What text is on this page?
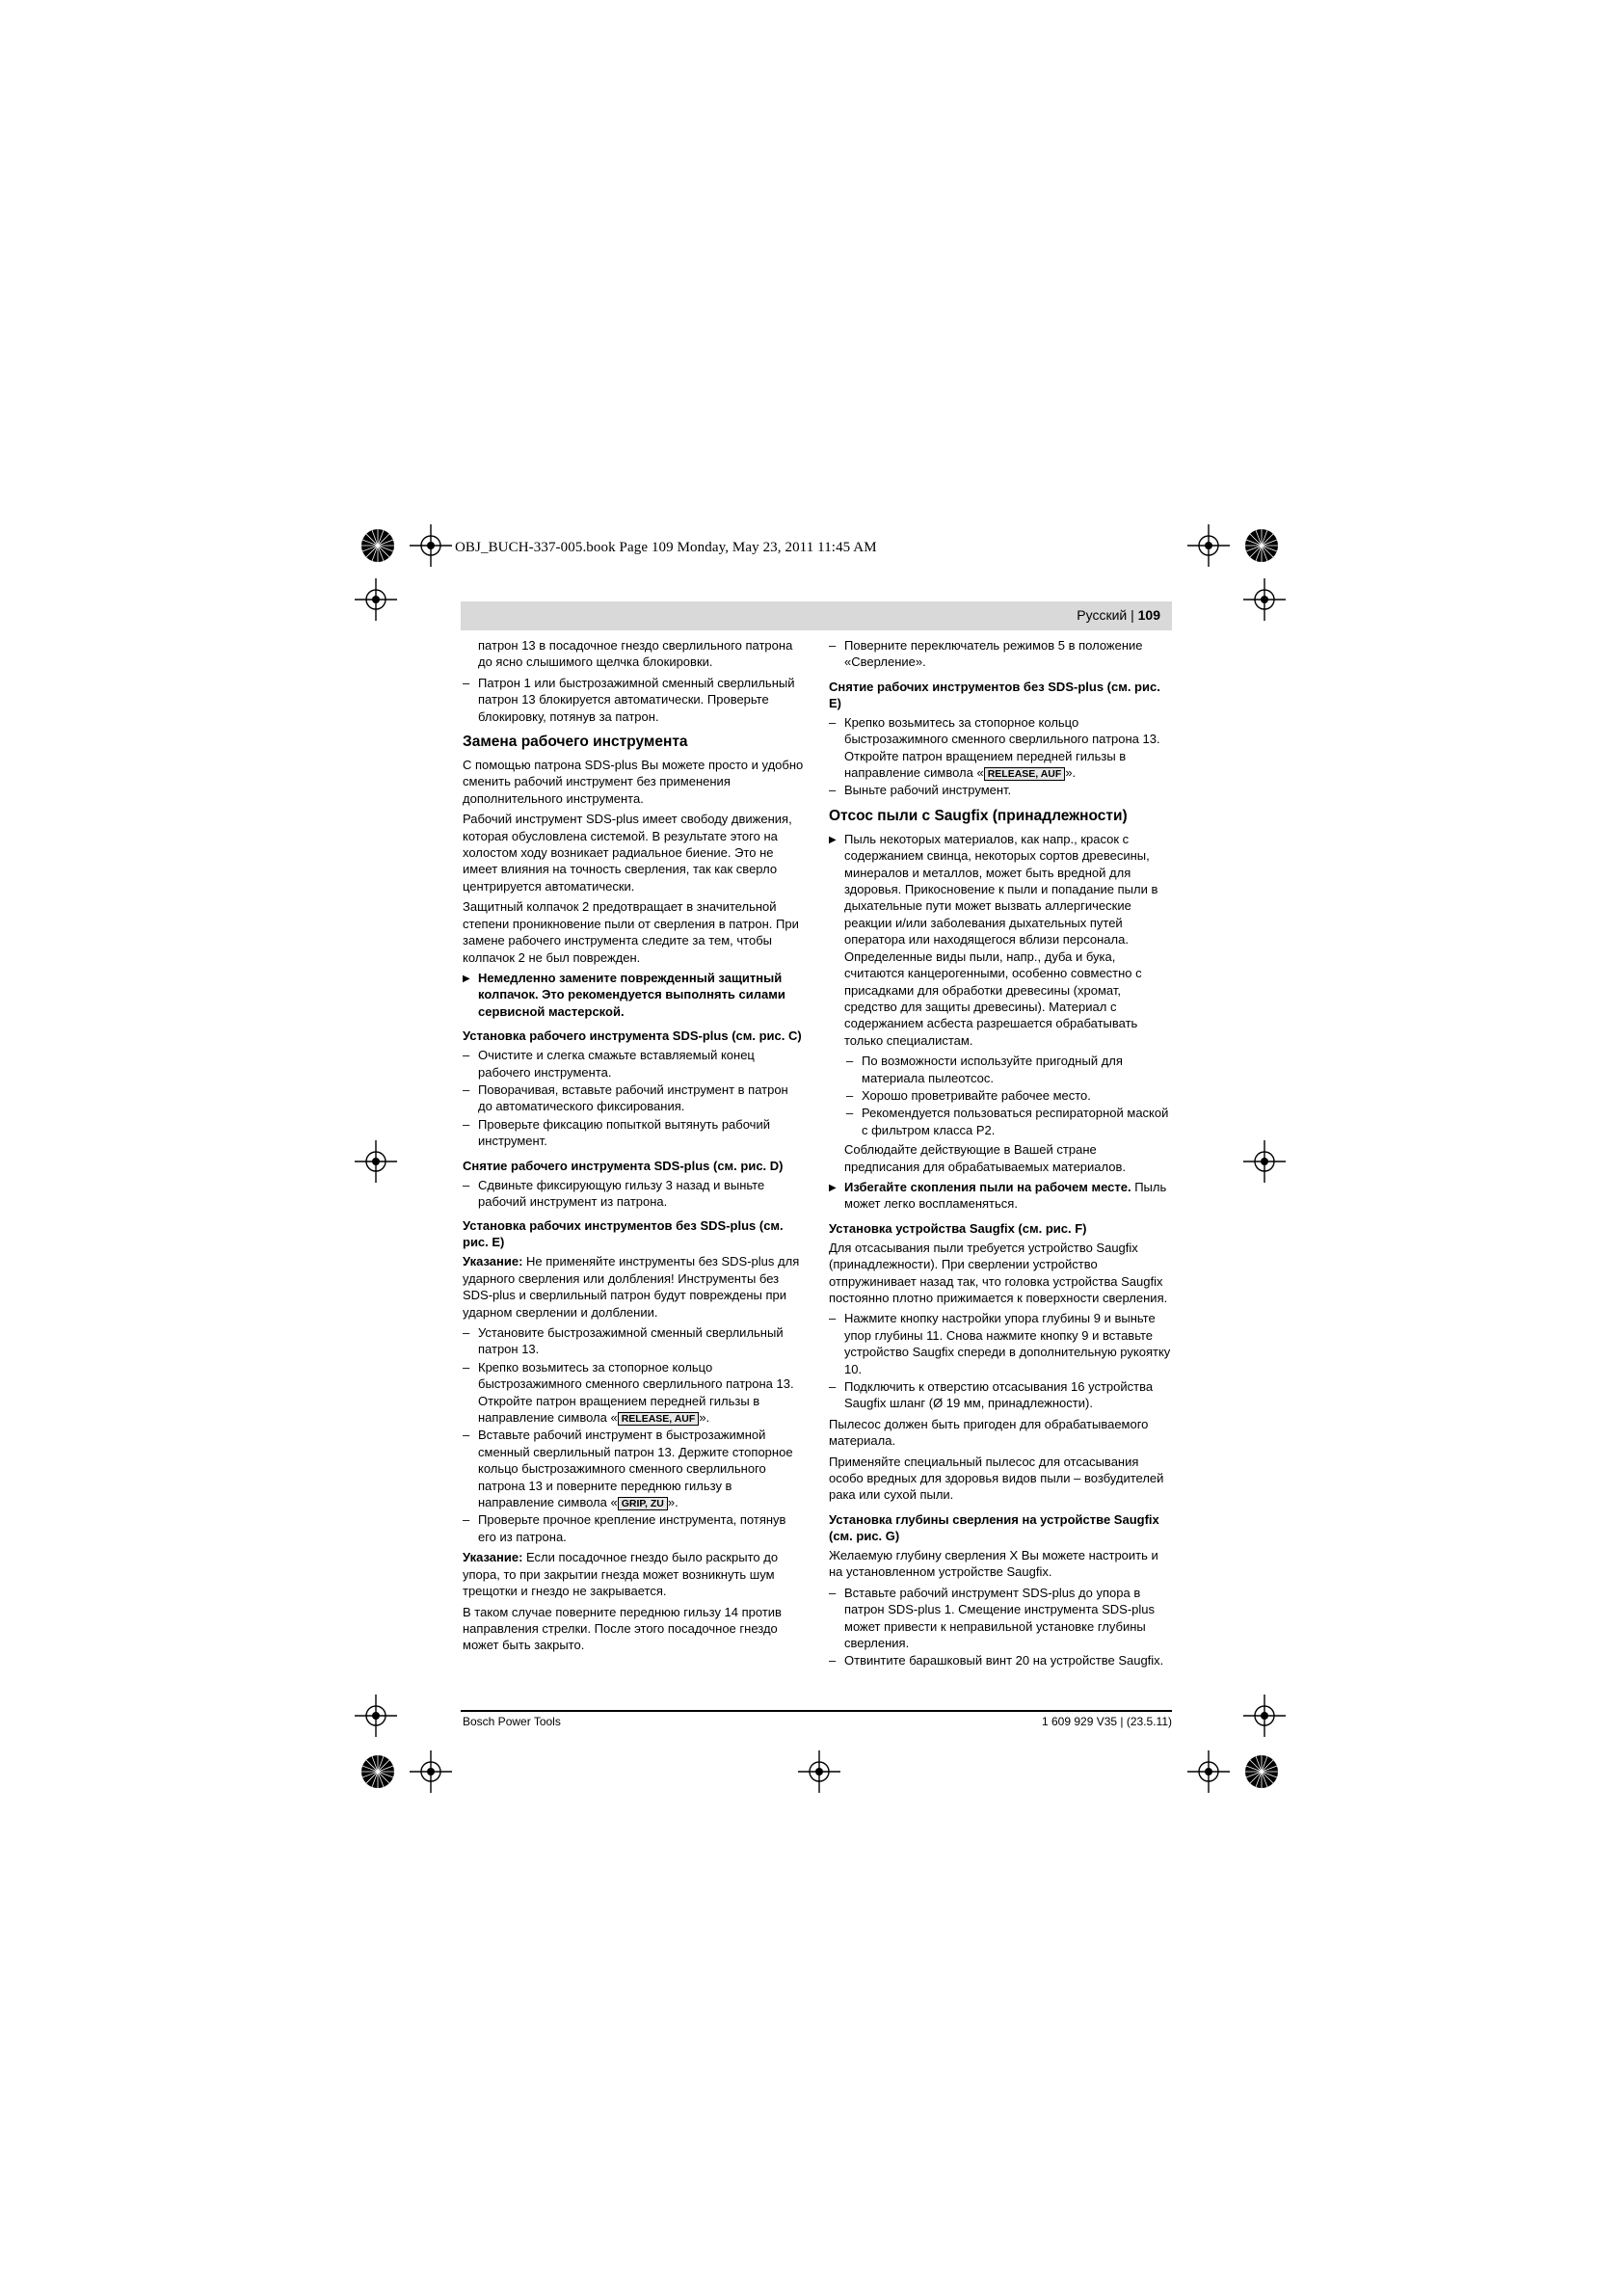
OBJ_BUCH-337-005.book Page 109 Monday, May 23, 2011 11:45 AM
Русский | 109

патрон 13 в посадочное гнездо сверлильного патрона до ясно слышимого щелчка блокировки.

– Патрон 1 или быстрозажимной сменный сверлильный патрон 13 блокируется автоматически. Проверьте блокировку, потянув за патрон.
Замена рабочего инструмента

С помощью патрона SDS-plus Вы можете просто и удобно сменить рабочий инструмент без применения дополнительного инструмента.

Рабочий инструмент SDS-plus имеет свободу движения, которая обусловлена системой. В результате этого на холостом ходу возникает радиальное биение. Это не имеет влияния на точность сверления, так как сверло центрируется автоматически.

Защитный колпачок 2 предотвращает в значительной степени проникновение пыли от сверления в патрон. При замене рабочего инструмента следите за тем, чтобы колпачок 2 не был поврежден.

▶ Немедленно замените поврежденный защитный колпачок. Это рекомендуется выполнять силами сервисной мастерской.
Установка рабочего инструмента SDS-plus (см. рис. C)
– Очистите и слегка смажьте вставляемый конец рабочего инструмента.
– Поворачивая, вставьте рабочий инструмент в патрон до автоматического фиксирования.
– Проверьте фиксацию попыткой вытянуть рабочий инструмент.
Снятие рабочего инструмента SDS-plus (см. рис. D)
– Сдвиньте фиксирующую гильзу 3 назад и выньте рабочий инструмент из патрона.
Установка рабочих инструментов без SDS-plus (см. рис. E)

Указание: Не применяйте инструменты без SDS-plus для ударного сверления или долбления! Инструменты без SDS-plus и сверлильный патрон будут повреждены при ударном сверлении и долблении.

– Установите быстрозажимной сменный сверлильный патрон 13.
– Крепко возьмитесь за стопорное кольцо быстрозажимного сменного сверлильного патрона 13. Откройте патрон вращением передней гильзы в направление символа « RELEASE, AUF ».
– Вставьте рабочий инструмент в быстрозажимной сменный сверлильный патрон 13. Держите стопорное кольцо быстрозажимного сменного сверлильного патрона 13 и поверните переднюю гильзу в направление символа « GRIP, ZU ».
– Проверьте прочное крепление инструмента, потянув его из патрона.

Указание: Если посадочное гнездо было раскрыто до упора, то при закрытии гнезда может возникнуть шум трещотки и гнездо не закрывается.

В таком случае поверните переднюю гильзу 14 против направления стрелки. После этого посадочное гнездо может быть закрыто.

– Поверните переключатель режимов 5 в положение «Сверление».
Снятие рабочих инструментов без SDS-plus (см. рис. E)
– Крепко возьмитесь за стопорное кольцо быстрозажимного сменного сверлильного патрона 13. Откройте патрон вращением передней гильзы в направление символа « RELEASE, AUF ».
– Выньте рабочий инструмент.
Отсос пыли с Saugfix (принадлежности)
▶ Пыль некоторых материалов, как напр., красок с содержанием свинца, некоторых сортов древесины, минералов и металлов, может быть вредной для здоровья. Прикосновение к пыли и попадание пыли в дыхательные пути может вызвать аллергические реакции и/или заболевания дыхательных путей оператора или находящегося вблизи персонала. Определенные виды пыли, напр., дуба и бука, считаются канцерогенными, особенно совместно с присадками для обработки древесины (хромат, средство для защиты древесины). Материал с содержанием асбеста разрешается обрабатывать только специалистам.
– По возможности используйте пригодный для материала пылеотсос.
– Хорошо проветривайте рабочее место.
– Рекомендуется пользоваться респираторной маской с фильтром класса P2.

Соблюдайте действующие в Вашей стране предписания для обрабатываемых материалов.

▶ Избегайте скопления пыли на рабочем месте. Пыль может легко воспламеняться.
Установка устройства Saugfix (см. рис. F)

Для отсасывания пыли требуется устройство Saugfix (принадлежности). При сверлении устройство отпружинивает назад так, что головка устройства Saugfix постоянно плотно прижимается к поверхности сверления.

– Нажмите кнопку настройки упора глубины 9 и выньте упор глубины 11. Снова нажмите кнопку 9 и вставьте устройство Saugfix спереди в дополнительную рукоятку 10.
– Подключить к отверстию отсасывания 16 устройства Saugfix шланг (Ø 19 мм, принадлежности).

Пылесос должен быть пригоден для обрабатываемого материала.

Применяйте специальный пылесос для отсасывания особо вредных для здоровья видов пыли – возбудителей рака или сухой пыли.

Установка глубины сверления на устройстве Saugfix (см. рис. G)

Желаемую глубину сверления X Вы можете настроить и на установленном устройстве Saugfix.

– Вставьте рабочий инструмент SDS-plus до упора в патрон SDS-plus 1. Смещение инструмента SDS-plus может привести к неправильной установке глубины сверления.
– Отвинтите барашковый винт 20 на устройстве Saugfix.
Bosch Power Tools	1 609 929 V35 | (23.5.11)
